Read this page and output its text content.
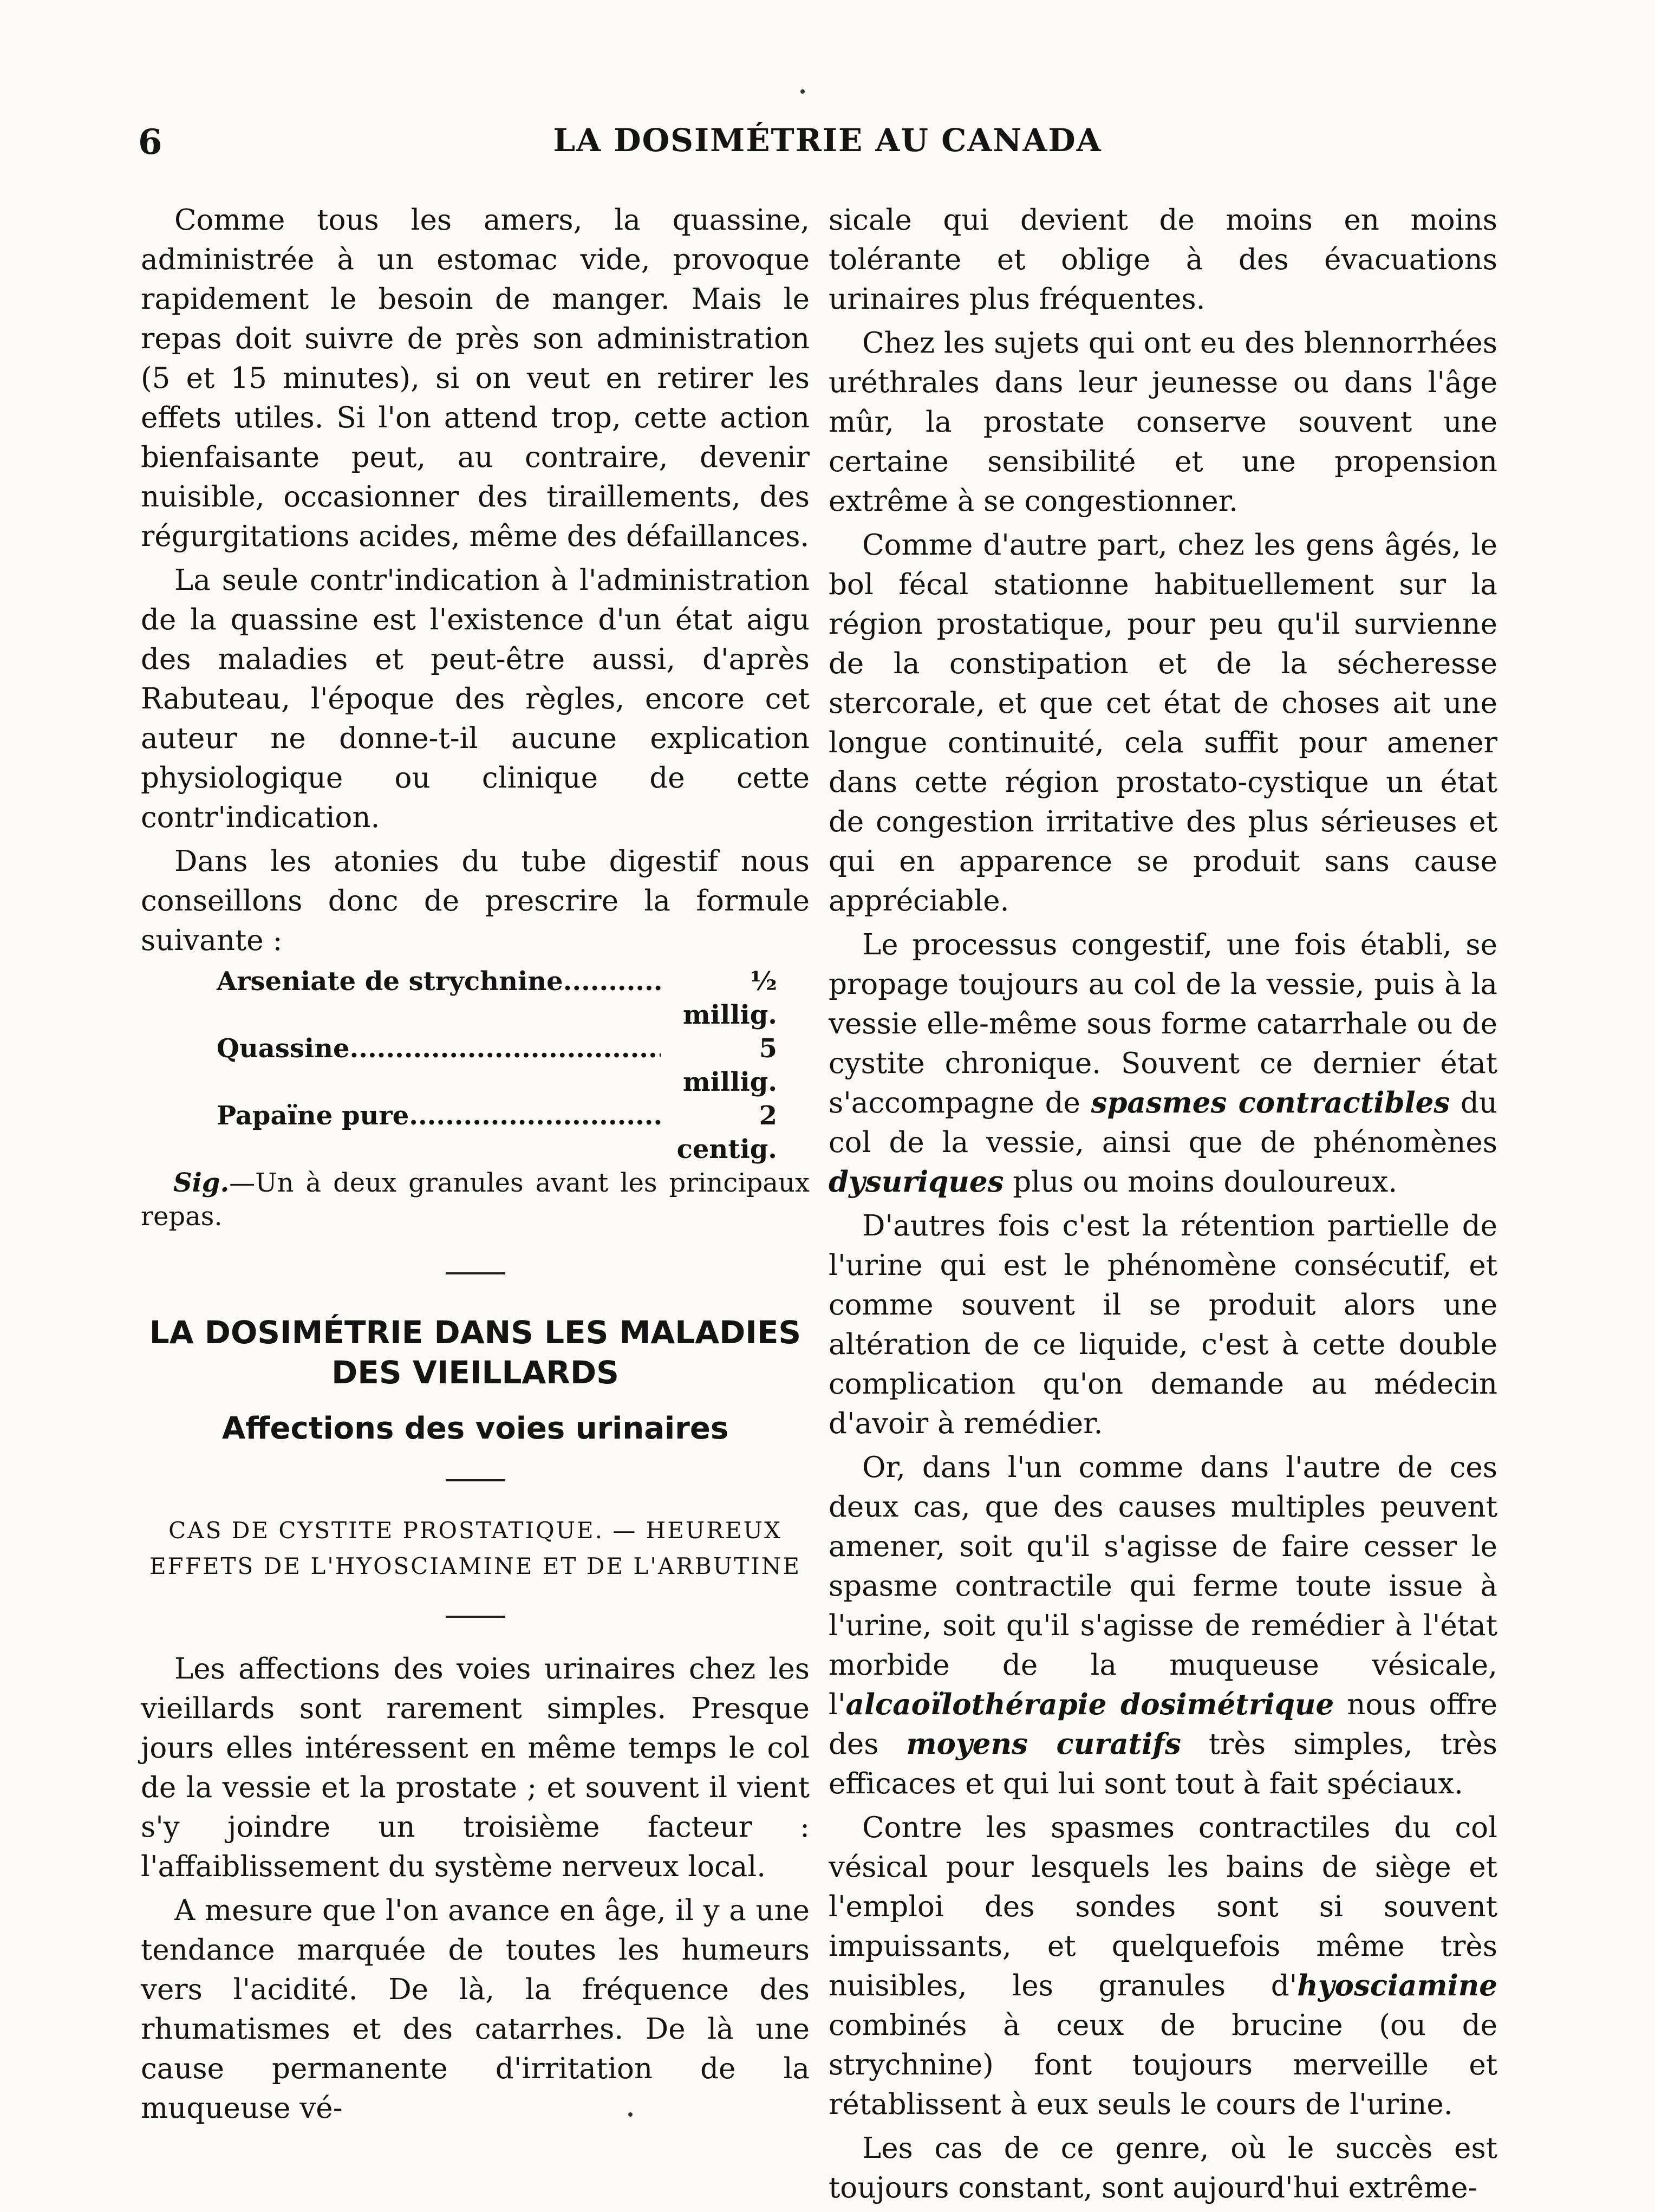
6	LA DOSIMÉTRIE AU CANADA

Comme tous les amers, la quassine, administrée à un estomac vide, provoque rapidement le besoin de manger. Mais le repas doit suivre de près son administration (5 et 15 minutes), si on veut en retirer les effets utiles. Si l'on attend trop, cette action bienfaisante peut, au contraire, devenir nuisible, occasionner des tiraillements, des régurgitations acides, même des défaillances.

La seule contr'indication à l'administration de la quassine est l'existence d'un état aigu des maladies et peut-être aussi, d'après Rabuteau, l'époque des règles, encore cet auteur ne donne-t-il aucune explication physiologique ou clinique de cette contr'indication.

Dans les atonies du tube digestif nous conseillons donc de prescrire la formule suivante :

Arseniate de strychnine .....	½ millig.
Quassine .....	5 millig.
Papaïne pure .....	2 centig.

Sig.—Un à deux granules avant les principaux repas.

LA DOSIMÉTRIE DANS LES MALADIES DES VIEILLARDS
Affections des voies urinaires

CAS DE CYSTITE PROSTATIQUE. — HEUREUX EFFETS DE L'HYOSCIAMINE ET DE L'ARBUTINE

Les affections des voies urinaires chez les vieillards sont rarement simples. Presque jours elles intéressent en même temps le col de la vessie et la prostate ; et souvent il vient s'y joindre un troisième facteur : l'affaiblissement du système nerveux local.

A mesure que l'on avance en âge, il y a une tendance marquée de toutes les humeurs vers l'acidité. De là, la fréquence des rhumatismes et des catarrhes. De là une cause permanente d'irritation de la muqueuse vé-

sicale qui devient de moins en moins tolérante et oblige à des évacuations urinaires plus fréquentes.

Chez les sujets qui ont eu des blennorrhées uréthrales dans leur jeunesse ou dans l'âge mûr, la prostate conserve souvent une certaine sensibilité et une propension extrême à se congestionner.

Comme d'autre part, chez les gens âgés, le bol fécal stationne habituellement sur la région prostatique, pour peu qu'il survienne de la constipation et de la sécheresse stercorale, et que cet état de choses ait une longue continuité, cela suffit pour amener dans cette région prostato-cystique un état de congestion irritative des plus sérieuses et qui en apparence se produit sans cause appréciable.

Le processus congestif, une fois établi, se propage toujours au col de la vessie, puis à la vessie elle-même sous forme catarrhale ou de cystite chronique. Souvent ce dernier état s'accompagne de spasmes contractibles du col de la vessie, ainsi que de phénomènes dysuriques plus ou moins douloureux.

D'autres fois c'est la rétention partielle de l'urine qui est le phénomène consécutif, et comme souvent il se produit alors une altération de ce liquide, c'est à cette double complication qu'on demande au médecin d'avoir à remédier.

Or, dans l'un comme dans l'autre de ces deux cas, que des causes multiples peuvent amener, soit qu'il s'agisse de faire cesser le spasme contractile qui ferme toute issue à l'urine, soit qu'il s'agisse de remédier à l'état morbide de la muqueuse vésicale, l'alcaoïlothérapie dosimétrique nous offre des moyens curatifs très simples, très efficaces et qui lui sont tout à fait spéciaux.

Contre les spasmes contractiles du col vésical pour lesquels les bains de siège et l'emploi des sondes sont si souvent impuissants, et quelquefois même très nuisibles, les granules d'hyosciamine combinés à ceux de brucine (ou de strychnine) font toujours merveille et rétablissent à eux seuls le cours de l'urine.

Les cas de ce genre, où le succès est toujours constant, sont aujourd'hui extrême-
